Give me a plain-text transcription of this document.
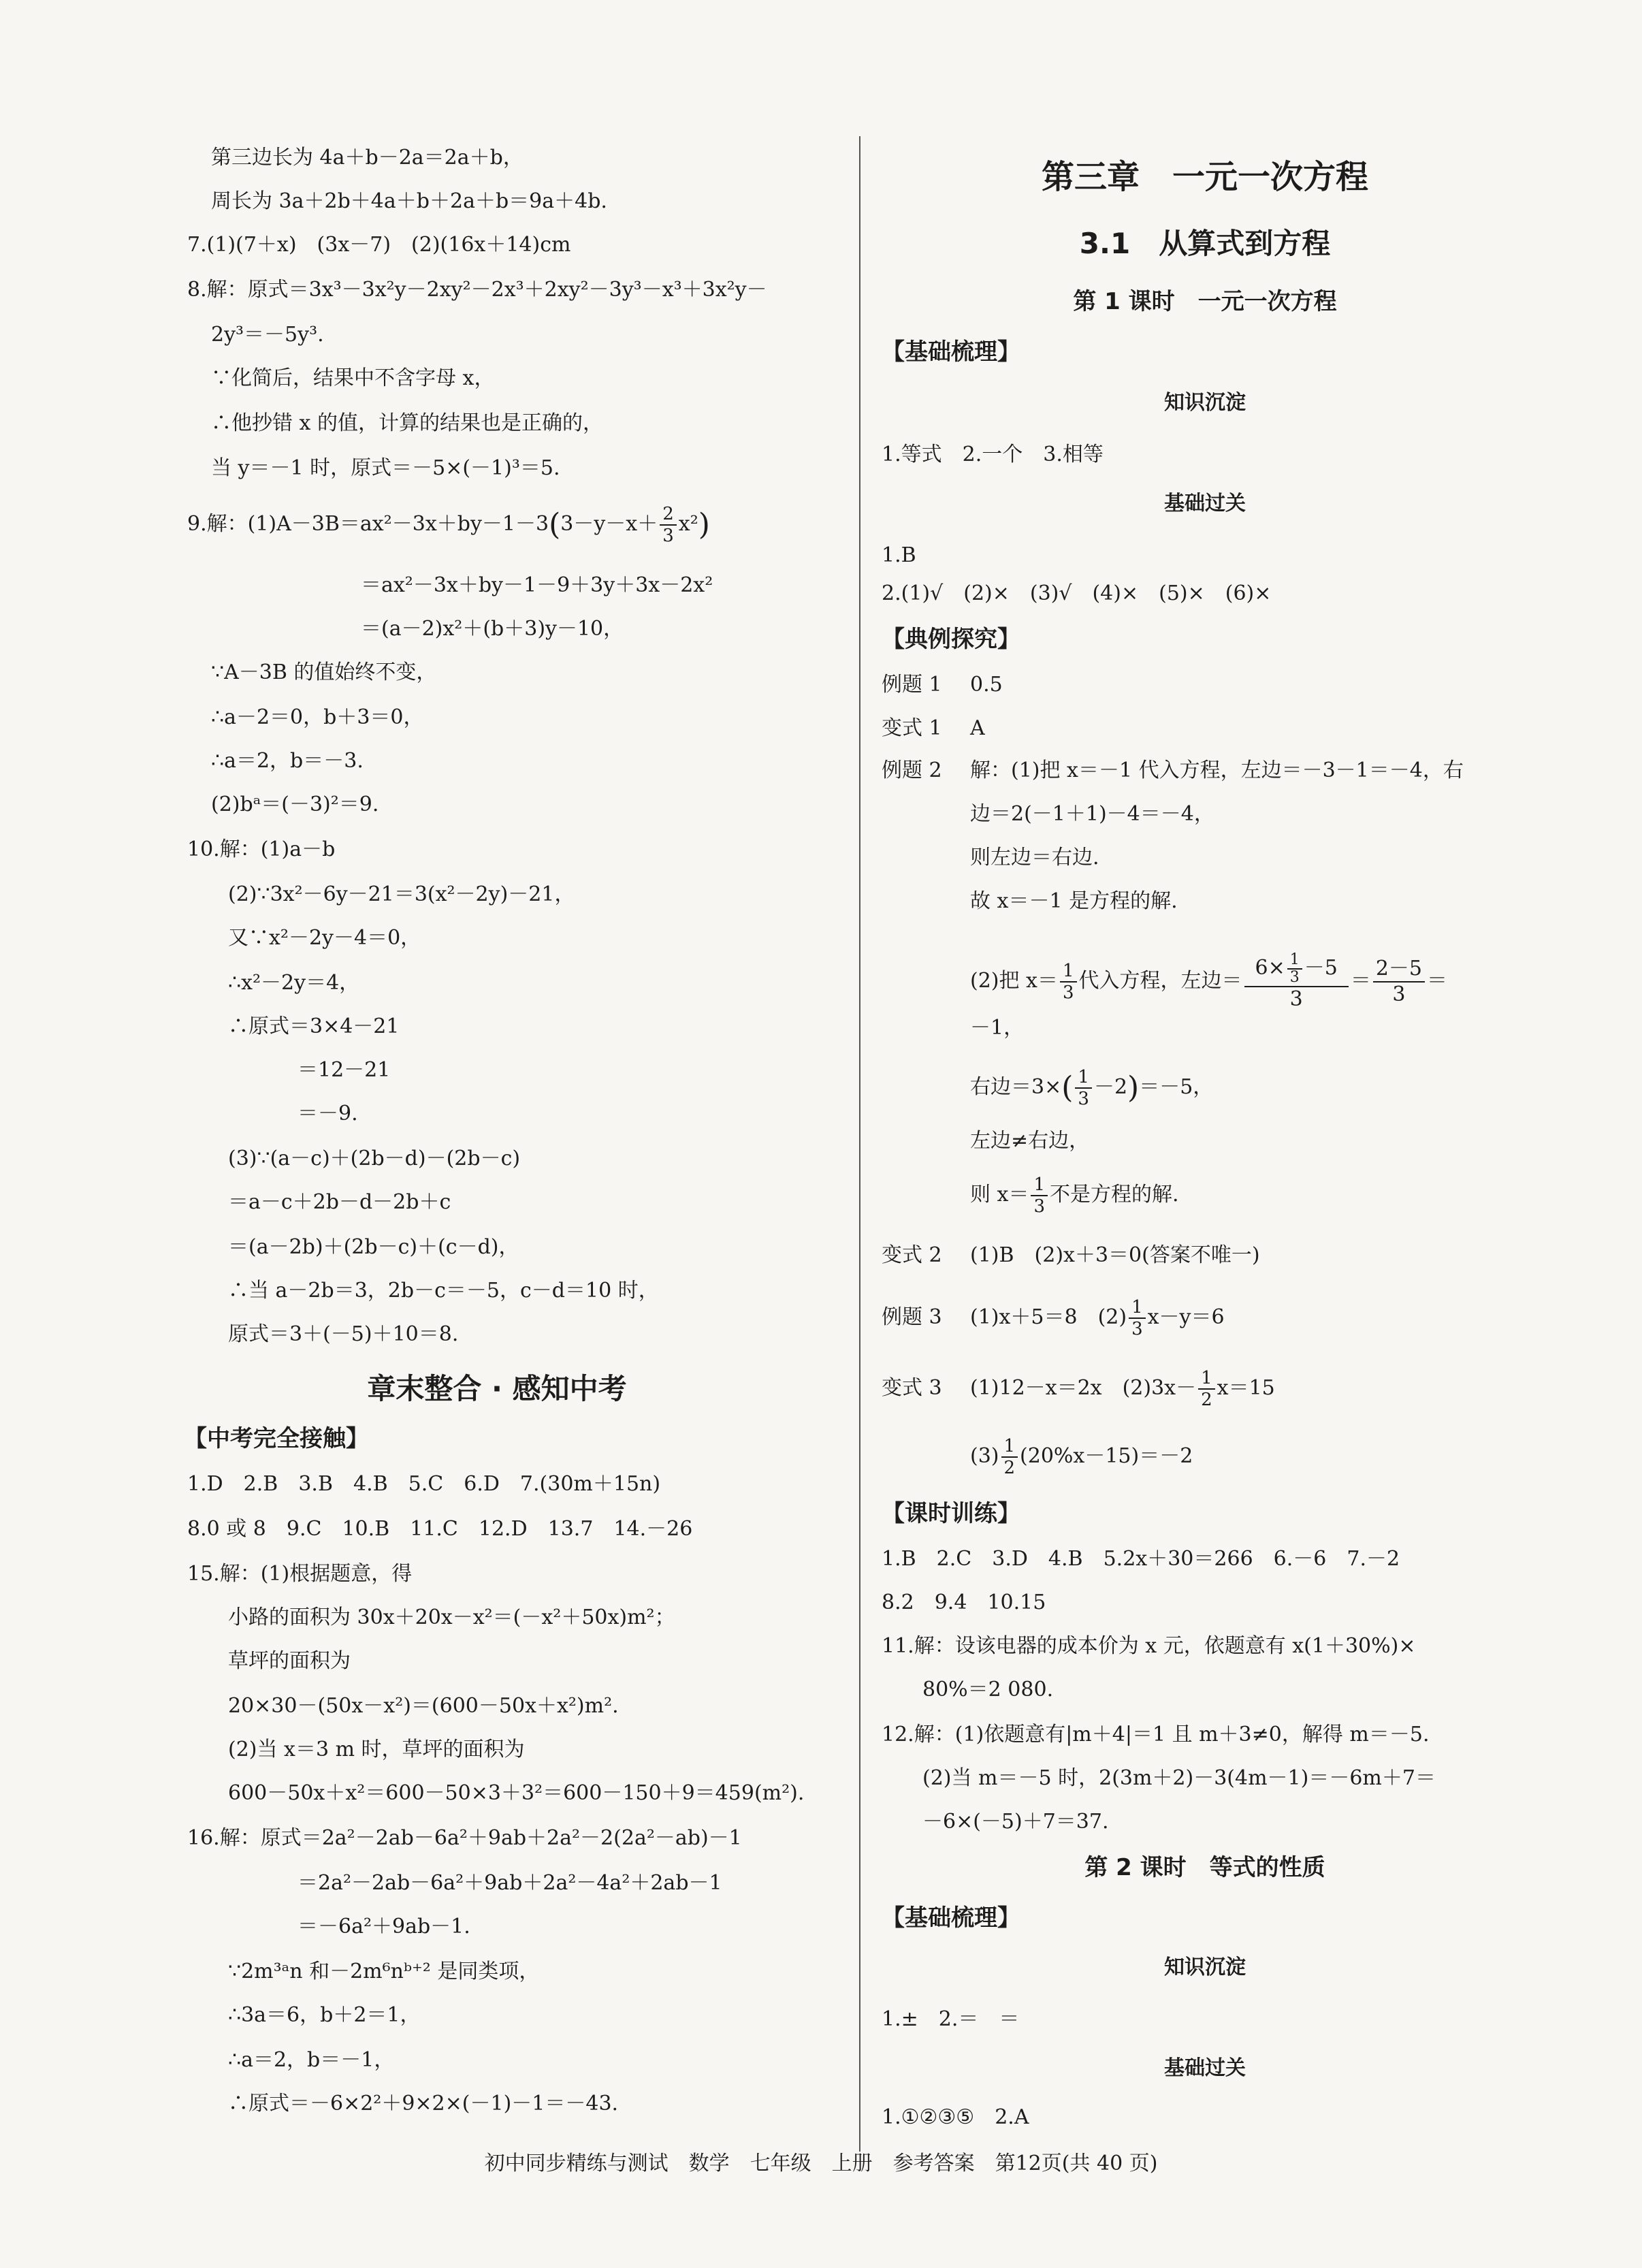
第三边长为 4a＋b－2a＝2a＋b，
周长为 3a＋2b＋4a＋b＋2a＋b＝9a＋4b.
7.(1)(7＋x)　(3x－7)　(2)(16x＋14)cm
8.解：原式＝3x³－3x²y－2xy²－2x³＋2xy²－3y³－x³＋3x²y－
2y³＝－5y³.
∵化简后，结果中不含字母 x，
∴他抄错 x 的值，计算的结果也是正确的，
当 y＝－1 时，原式＝－5×(－1)³＝5.
9.解：$(1)A-3B=ax^2-3x+by-1-3(3-y-x+ \frac{2}{3} x^2)$
＝ax²－3x＋by－1－9＋3y＋3x－2x²
＝(a－2)x²＋(b＋3)y－10，
∵A－3B 的值始终不变，
∴a－2＝0，b＋3＝0，
∴a＝2，b＝－3.
(2)bᵃ＝(－3)²＝9.
10.解：(1)a－b
(2)∵3x²－6y－21＝3(x²－2y)－21，
又∵x²－2y－4＝0，
∴x²－2y＝4，
∴原式＝3×4－21
＝12－21
＝－9.
(3)∵(a－c)＋(2b－d)－(2b－c)
＝a－c＋2b－d－2b＋c
＝(a－2b)＋(2b－c)＋(c－d)，
∴当 a－2b＝3，2b－c＝－5，c－d＝10 时，
原式＝3＋(－5)＋10＝8.
章末整合 · 感知中考
【中考完全接触】
1.D　2.B　3.B　4.B　5.C　6.D　7.(30m＋15n)
8.0 或 8　9.C　10.B　11.C　12.D　13.7　14.－26
15.解：(1)根据题意，得
小路的面积为 30x＋20x－x²＝(－x²＋50x)m²；
草坪的面积为
20×30－(50x－x²)＝(600－50x＋x²)m².
(2)当 x＝3 m 时，草坪的面积为
600－50x＋x²＝600－50×3＋3²＝600－150＋9＝459(m²).
16.解：原式＝2a²－2ab－6a²＋9ab＋2a²－2(2a²－ab)－1
＝2a²－2ab－6a²＋9ab＋2a²－4a²＋2ab－1
＝－6a²＋9ab－1.
∵2m³ᵃn 和－2m⁶nᵇ⁺² 是同类项，
∴3a＝6，b＋2＝1，
∴a＝2，b＝－1，
∴原式＝－6×2²＋9×2×(－1)－1＝－43.
第三章　一元一次方程
3.1　从算式到方程
第 1 课时　一元一次方程
【基础梳理】
知识沉淀
1.等式　2.一个　3.相等
基础过关
1.B
2.(1)√　(2)×　(3)√　(4)×　(5)×　(6)×
【典例探究】
例题 1 0.5
变式 1 A
例题 2 解：(1)把 x＝－1 代入方程，左边＝－3－1＝－4，右
边＝2(－1＋1)－4＝－4，
则左边＝右边.
故 x＝－1 是方程的解.
(2)把 $x= \frac{1}{3}$ 代入方程，左边＝ $\frac{6\times \frac{1}{3} -5}{3} = \frac{2-5}{3}$ ＝
－1，
右边$=3\times( \frac{1}{3} -2)=-5$，
左边≠右边，
则 $x= \frac{1}{3}$ 不是方程的解.
变式 2 (1)B　(2)x＋3＝0(答案不唯一)
例题 3 (1)x＋5＝8　$(2) \frac{1}{3} x-y=6$
变式 3 (1)12－x＝2x　$(2)3x- \frac{1}{2} x=15$
$(3) \frac{1}{2} (20\%x-15)=-2$
【课时训练】
1.B　2.C　3.D　4.B　5.2x＋30＝266　6.－6　7.－2
8.2　9.4　10.15
11.解：设该电器的成本价为 x 元，依题意有 x(1＋30%)×
80%＝2 080.
12.解：(1)依题意有|m＋4|＝1 且 m＋3≠0，解得 m＝－5.
(2)当 m＝－5 时，2(3m＋2)－3(4m－1)＝－6m＋7＝
－6×(－5)＋7＝37.
第 2 课时　等式的性质
【基础梳理】
知识沉淀
1.±　2.＝　＝
基础过关
1.①②③⑤　2.A
初中同步精练与测试　数学　七年级　上册　参考答案　第12页(共 40 页)
